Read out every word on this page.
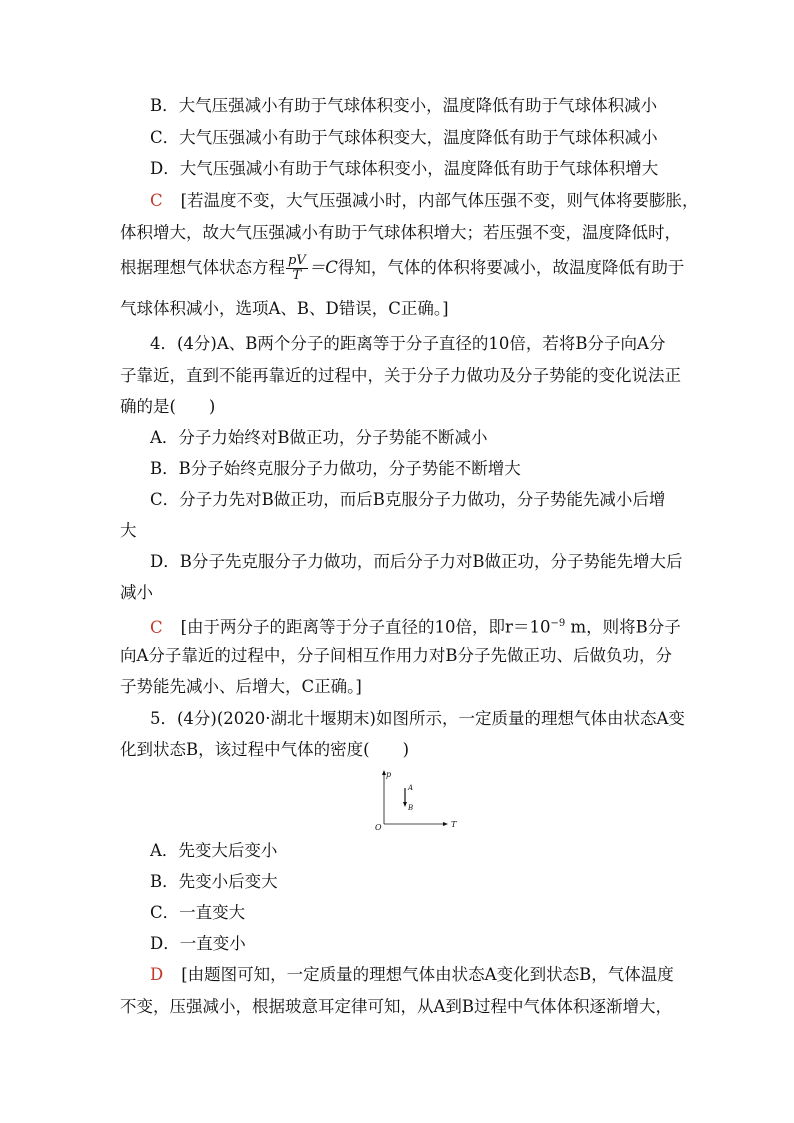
B．大气压强减小有助于气球体积变小，温度降低有助于气球体积减小
C．大气压强减小有助于气球体积变大，温度降低有助于气球体积减小
D．大气压强减小有助于气球体积变小，温度降低有助于气球体积增大
C [若温度不变，大气压强减小时，内部气体压强不变，则气体将要膨胀，
体积增大，故大气压强减小有助于气球体积增大；若压强不变，温度降低时，
根据理想气体状态方程 $\frac{pV}{T} =C$得知，气体的体积将要减小，故温度降低有助于
气球体积减小，选项A、B、D错误，C正确。]
4．(4分)A、B两个分子的距离等于分子直径的10倍，若将B分子向A分
子靠近，直到不能再靠近的过程中，关于分子力做功及分子势能的变化说法正
确的是(　　)
A．分子力始终对B做正功，分子势能不断减小
B．B分子始终克服分子力做功，分子势能不断增大
C．分子力先对B做正功，而后B克服分子力做功，分子势能先减小后增
大
D．B分子先克服分子力做功，而后分子力对B做正功，分子势能先增大后
减小
C [由于两分子的距离等于分子直径的10倍，即$r=10^{-9}$ m，则将B分子
向A分子靠近的过程中，分子间相互作用力对B分子先做正功、后做负功，分
子势能先减小、后增大，C正确。]
5．(4分)(2020·湖北十堰期末)如图所示，一定质量的理想气体由状态A变
化到状态B，该过程中气体的密度(　　)
p
T
O
A
B
A．先变大后变小
B．先变小后变大
C．一直变大
D．一直变小
D [由题图可知，一定质量的理想气体由状态A变化到状态B，气体温度
不变，压强减小，根据玻意耳定律可知，从A到B过程中气体体积逐渐增大，
